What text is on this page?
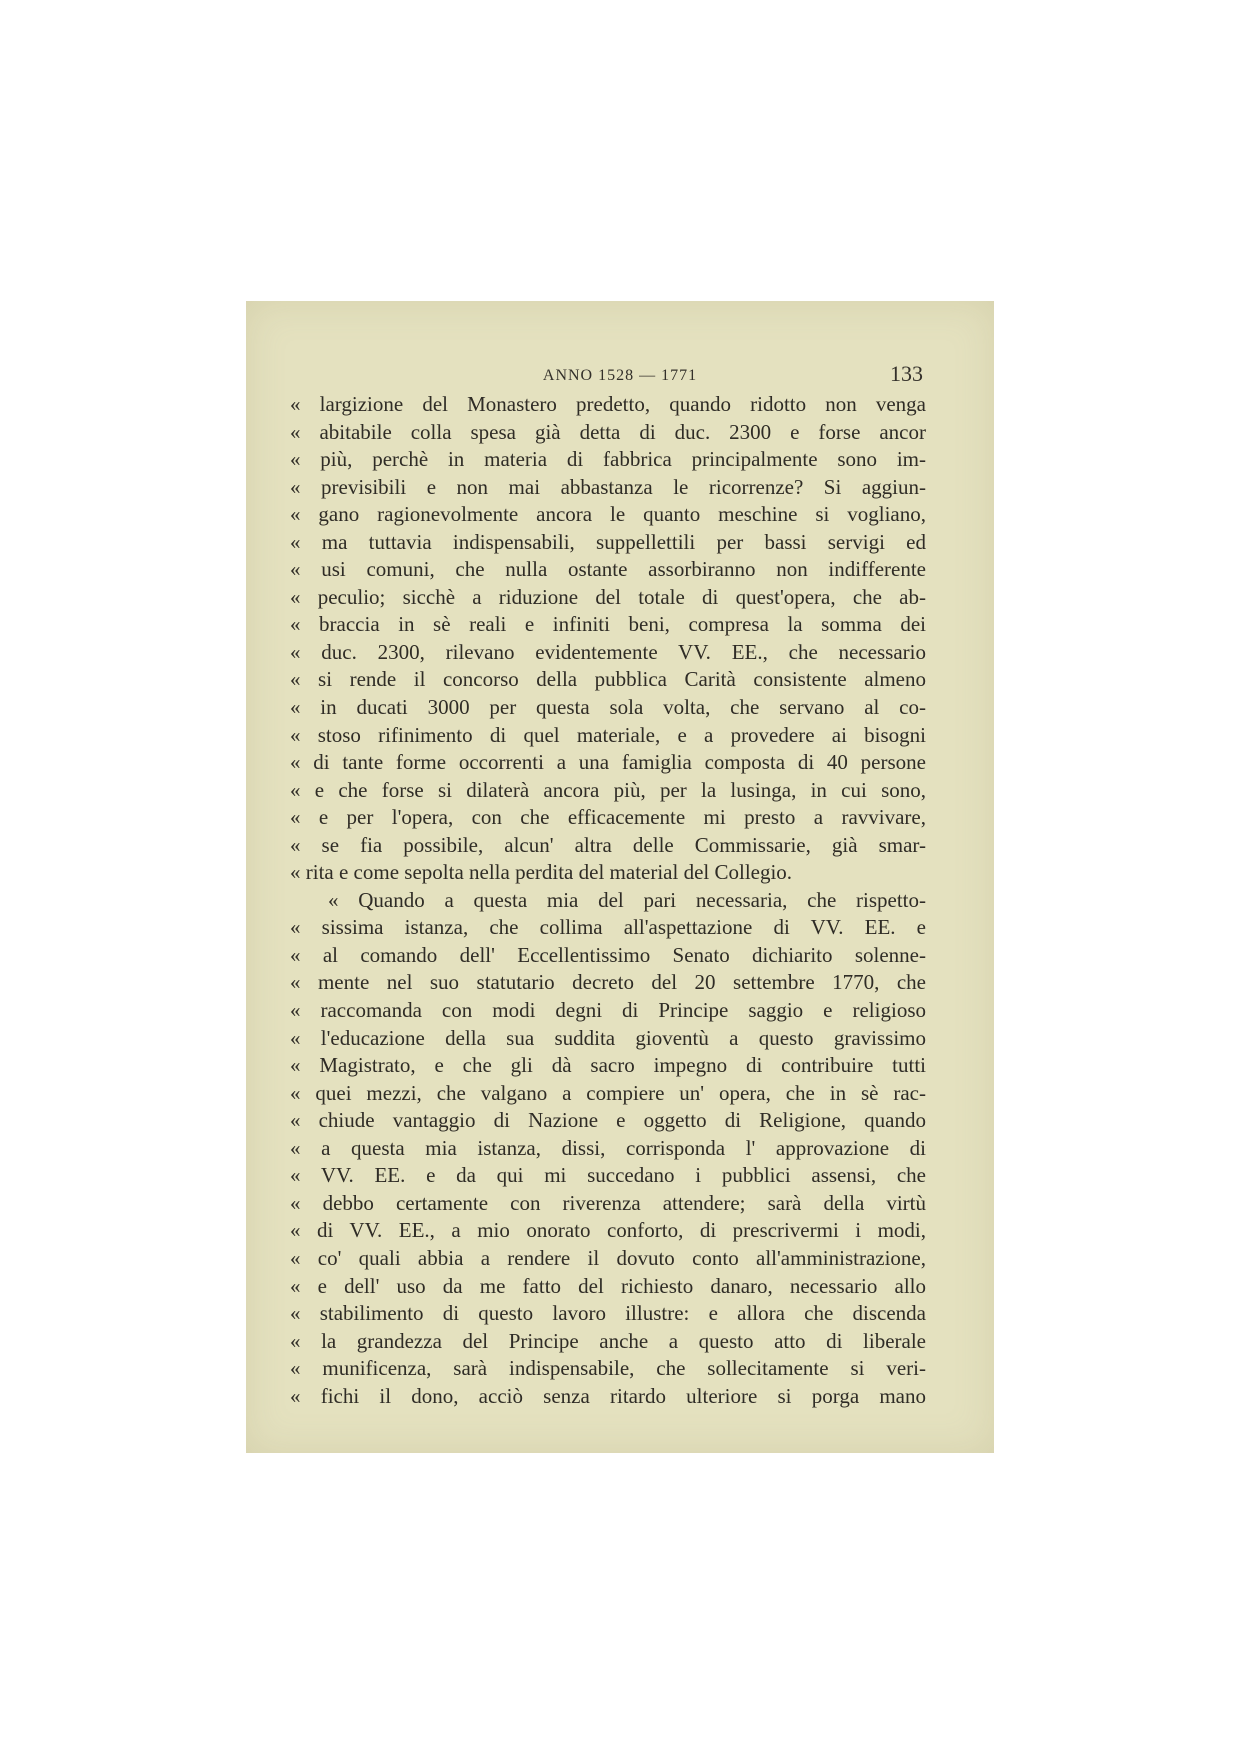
ANNO 1528 — 1771	133
« largizione del Monastero predetto, quando ridotto non venga
« abitabile colla spesa già detta di duc. 2300 e forse ancor
« più, perchè in materia di fabbrica principalmente sono im-
« previsibili e non mai abbastanza le ricorrenze? Si aggiun-
« gano ragionevolmente ancora le quanto meschine si vogliano,
« ma tuttavia indispensabili, suppellettili per bassi servigi ed
« usi comuni, che nulla ostante assorbiranno non indifferente
« peculio; sicchè a riduzione del totale di quest'opera, che ab-
« braccia in sè reali e infiniti beni, compresa la somma dei
« duc. 2300, rilevano evidentemente VV. EE., che necessario
« si rende il concorso della pubblica Carità consistente almeno
« in ducati 3000 per questa sola volta, che servano al co-
« stoso rifinimento di quel materiale, e a provedere ai bisogni
« di tante forme occorrenti a una famiglia composta di 40 persone
« e che forse si dilaterà ancora più, per la lusinga, in cui sono,
« e per l'opera, con che efficacemente mi presto a ravvivare,
« se fia possibile, alcun' altra delle Commissarie, già smar-
« rita e come sepolta nella perdita del material del Collegio.
« Quando a questa mia del pari necessaria, che rispetto-
« sissima istanza, che collima all'aspettazione di VV. EE. e
« al comando dell' Eccellentissimo Senato dichiarito solenne-
« mente nel suo statutario decreto del 20 settembre 1770, che
« raccomanda con modi degni di Principe saggio e religioso
« l'educazione della sua suddita gioventù a questo gravissimo
« Magistrato, e che gli dà sacro impegno di contribuire tutti
« quei mezzi, che valgano a compiere un' opera, che in sè rac-
« chiude vantaggio di Nazione e oggetto di Religione, quando
« a questa mia istanza, dissi, corrisponda l' approvazione di
« VV. EE. e da qui mi succedano i pubblici assensi, che
« debbo certamente con riverenza attendere; sarà della virtù
« di VV. EE., a mio onorato conforto, di prescrivermi i modi,
« co' quali abbia a rendere il dovuto conto all'amministrazione,
« e dell' uso da me fatto del richiesto danaro, necessario allo
« stabilimento di questo lavoro illustre: e allora che discenda
« la grandezza del Principe anche a questo atto di liberale
« munificenza, sarà indispensabile, che sollecitamente si veri-
« fichi il dono, acciò senza ritardo ulteriore si porga mano
